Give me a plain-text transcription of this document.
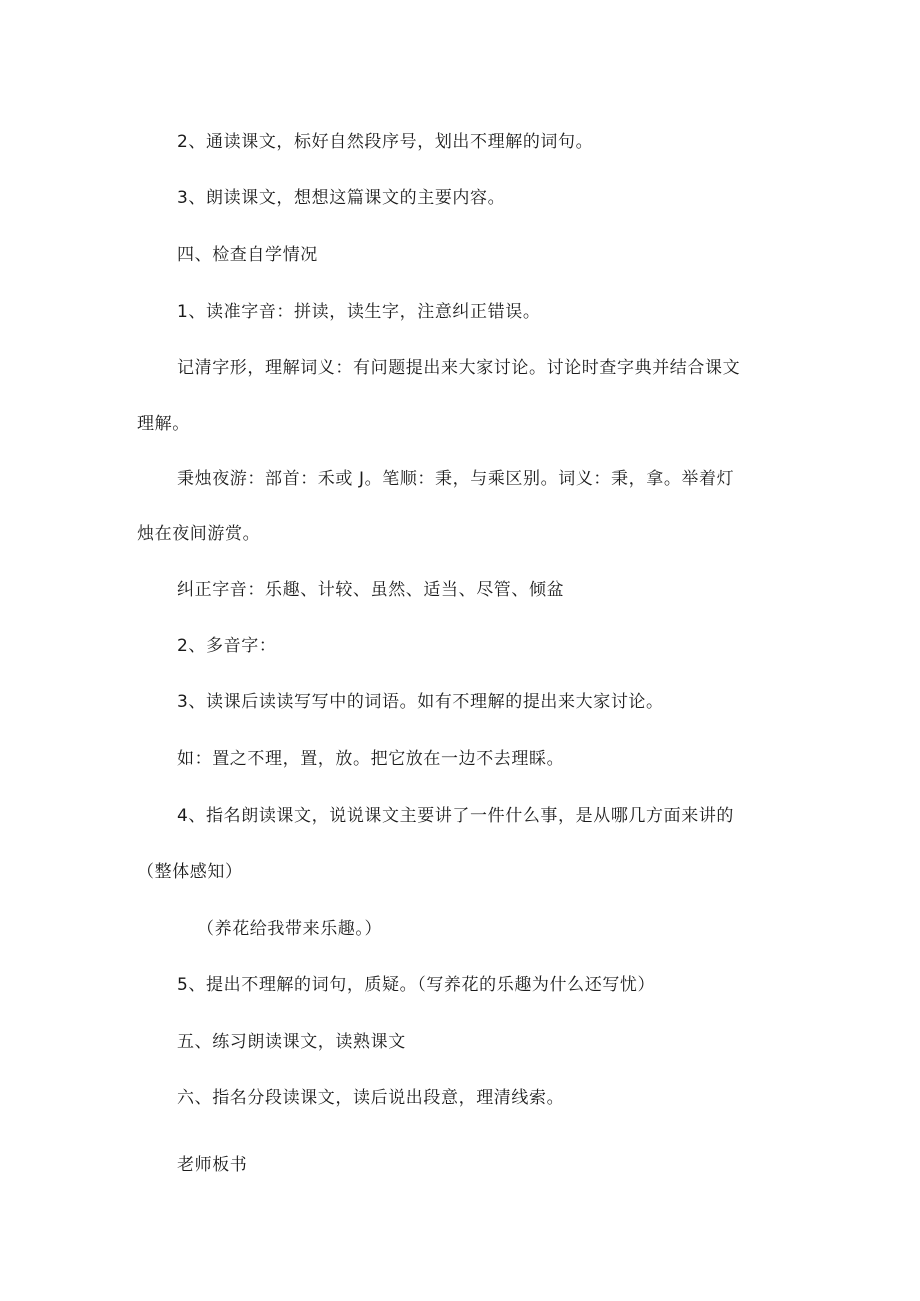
2、通读课文，标好自然段序号，划出不理解的词句。
3、朗读课文，想想这篇课文的主要内容。
四、检查自学情况
1、读准字音：拼读，读生字，注意纠正错误。
记清字形，理解词义：有问题提出来大家讨论。讨论时查字典并结合课文
理解。
秉烛夜游：部首：禾或 J。笔顺：秉，与乘区别。词义：秉，拿。举着灯
烛在夜间游赏。
纠正字音：乐趣、计较、虽然、适当、尽管、倾盆
2、多音字：
3、读课后读读写写中的词语。如有不理解的提出来大家讨论。
如：置之不理，置，放。把它放在一边不去理睬。
4、指名朗读课文，说说课文主要讲了一件什么事，是从哪几方面来讲的
（整体感知）
（养花给我带来乐趣。）
5、提出不理解的词句，质疑。（写养花的乐趣为什么还写忧）
五、练习朗读课文，读熟课文
六、指名分段读课文，读后说出段意，理清线索。
老师板书
